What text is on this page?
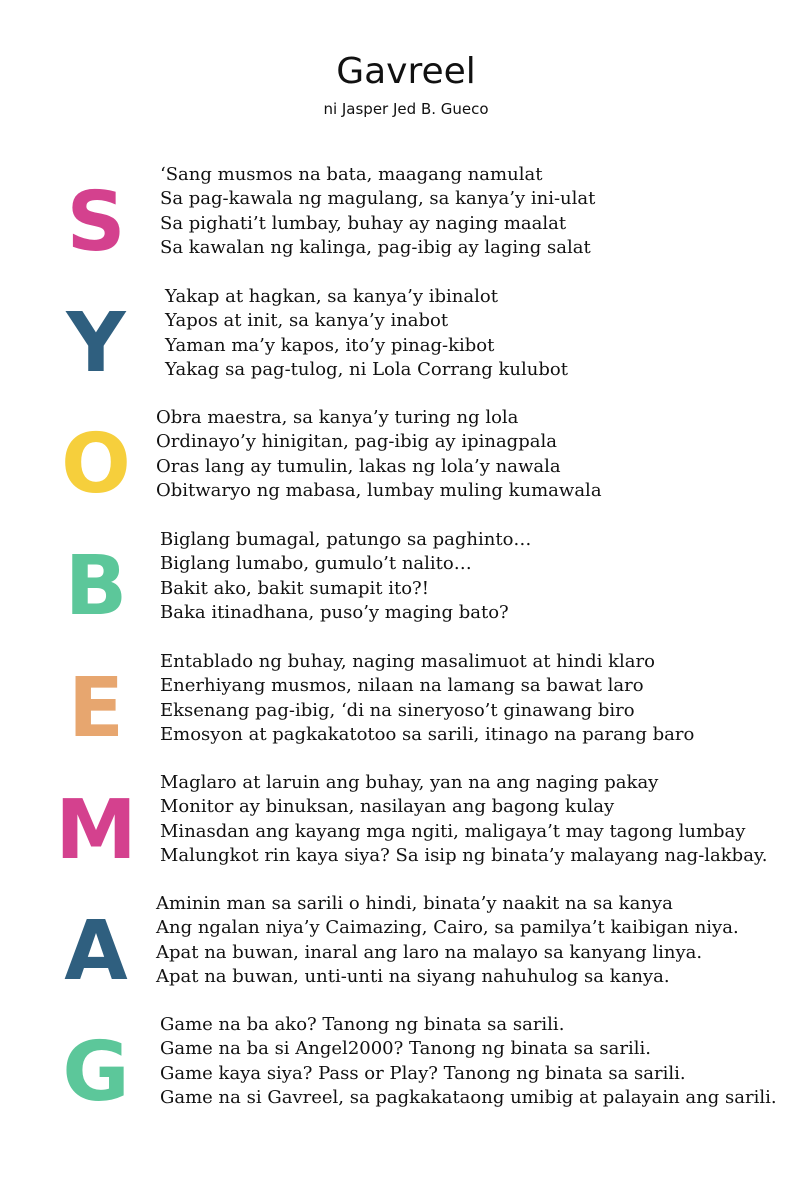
Gavreel
ni Jasper Jed B. Gueco
S
‘Sang musmos na bata, maagang namulat
Sa pag-kawala ng magulang, sa kanya’y ini-ulat
Sa pighati’t lumbay, buhay ay naging maalat
Sa kawalan ng kalinga, pag-ibig ay laging salat
Y	Yakap at hagkan, sa kanya’y ibinalot
Yapos at init, sa kanya’y inabot
Yaman ma’y kapos, ito’y pinag-kibot
Yakag sa pag-tulog, ni Lola Corrang kulubot
O	Obra maestra, sa kanya’y turing ng lola
Ordinayo’y hinigitan, pag-ibig ay ipinagpala
Oras lang ay tumulin, lakas ng lola’y nawala
Obitwaryo ng mabasa, lumbay muling kumawala
B	Biglang bumagal, patungo sa paghinto…
Biglang lumabo, gumulo’t nalito…
Bakit ako, bakit sumapit ito?!
Baka itinadhana, puso’y maging bato?
E	Entablado ng buhay, naging masalimuot at hindi klaro
Enerhiyang musmos, nilaan na lamang sa bawat laro
Eksenang pag-ibig, ‘di na sineryoso’t ginawang biro
Emosyon at pagkakatotoo sa sarili, itinago na parang baro
M
Maglaro at laruin ang buhay, yan na ang naging pakay
Monitor ay binuksan, nasilayan ang bagong kulay
Minasdan ang kayang mga ngiti, maligaya’t may tagong lumbay
Malungkot rin kaya siya? Sa isip ng binata’y malayang nag-lakbay.
A
Aminin man sa sarili o hindi, binata’y naakit na sa kanya
Ang ngalan niya’y Caimazing, Cairo, sa pamilya’t kaibigan niya.
Apat na buwan, inaral ang laro na malayo sa kanyang linya.
Apat na buwan, unti-unti na siyang nahuhulog sa kanya.
G
Game na ba ako? Tanong ng binata sa sarili.
Game na ba si Angel2000? Tanong ng binata sa sarili.
Game kaya siya? Pass or Play? Tanong ng binata sa sarili.
Game na si Gavreel, sa pagkakataong umibig at palayain ang sarili.
